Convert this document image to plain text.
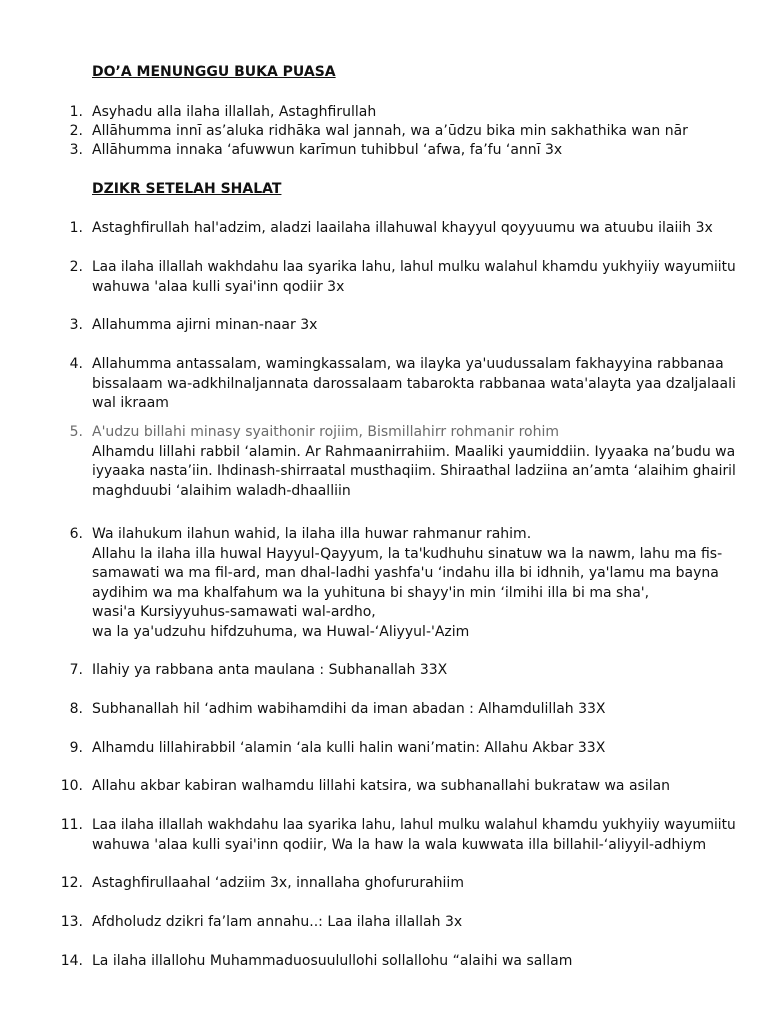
DO’A MENUNGGU BUKA PUASA
1. Asyhadu alla ilaha illallah, Astaghfirullah
2. Allāhumma innī as’aluka ridhāka wal jannah, wa a’ūdzu bika min sakhathika wan nār
3. Allāhumma innaka ‘afuwwun karīmun tuhibbul ‘afwa, fa’fu ‘annī 3x
DZIKR SETELAH SHALAT
1. Astaghfirullah hal'adzim, aladzi laailaha illahuwal khayyul qoyyuumu wa atuubu ilaiih 3x
2. Laa ilaha illallah wakhdahu laa syarika lahu, lahul mulku walahul khamdu yukhyiiy wayumiitu
wahuwa 'alaa kulli syai'inn qodiir 3x
3. Allahumma ajirni minan-naar 3x
4. Allahumma antassalam, wamingkassalam, wa ilayka ya'uudussalam fakhayyina rabbanaa
bissalaam wa-adkhilnaljannata darossalaam tabarokta rabbanaa wata'alayta yaa dzaljalaali
wal ikraam
5. A'udzu billahi minasy syaithonir rojiim, Bismillahirr rohmanir rohim
Alhamdu lillahi rabbil ‘alamin. Ar Rahmaanirrahiim. Maaliki yaumiddiin. Iyyaaka na’budu wa
iyyaaka nasta’iin. Ihdinash-shirraatal musthaqiim. Shiraathal ladziina an’amta ‘alaihim ghairil
maghduubi ‘alaihim waladh-dhaalliin
6. Wa ilahukum ilahun wahid, la ilaha illa huwar rahmanur rahim.
Allahu la ilaha illa huwal Hayyul-Qayyum, la ta'kudhuhu sinatuw wa la nawm, lahu ma fis-
samawati wa ma fil-ard, man dhal-ladhi yashfa'u ‘indahu illa bi idhnih, ya'lamu ma bayna
aydihim wa ma khalfahum wa la yuhituna bi shayy'in min ‘ilmihi illa bi ma sha',
wasi'a Kursiyyuhus-samawati wal-ardho,
wa la ya'udzuhu hifdzuhuma, wa Huwal-‘Aliyyul-'Azim
7. Ilahiy ya rabbana anta maulana : Subhanallah 33X
8. Subhanallah hil ‘adhim wabihamdihi da iman abadan : Alhamdulillah 33X
9. Alhamdu lillahirabbil ‘alamin ‘ala kulli halin wani’matin: Allahu Akbar 33X
10. Allahu akbar kabiran walhamdu lillahi katsira, wa subhanallahi bukrataw wa asilan
11. Laa ilaha illallah wakhdahu laa syarika lahu, lahul mulku walahul khamdu yukhyiiy wayumiitu
wahuwa 'alaa kulli syai'inn qodiir, Wa la haw la wala kuwwata illa billahil-‘aliyyil-adhiym
12. Astaghfirullaahal ‘adziim 3x, innallaha ghofururahiim
13. Afdholudz dzikri fa’lam annahu..: Laa ilaha illallah 3x
14. La ilaha illallohu Muhammaduosuulullohi sollallohu “alaihi wa sallam
